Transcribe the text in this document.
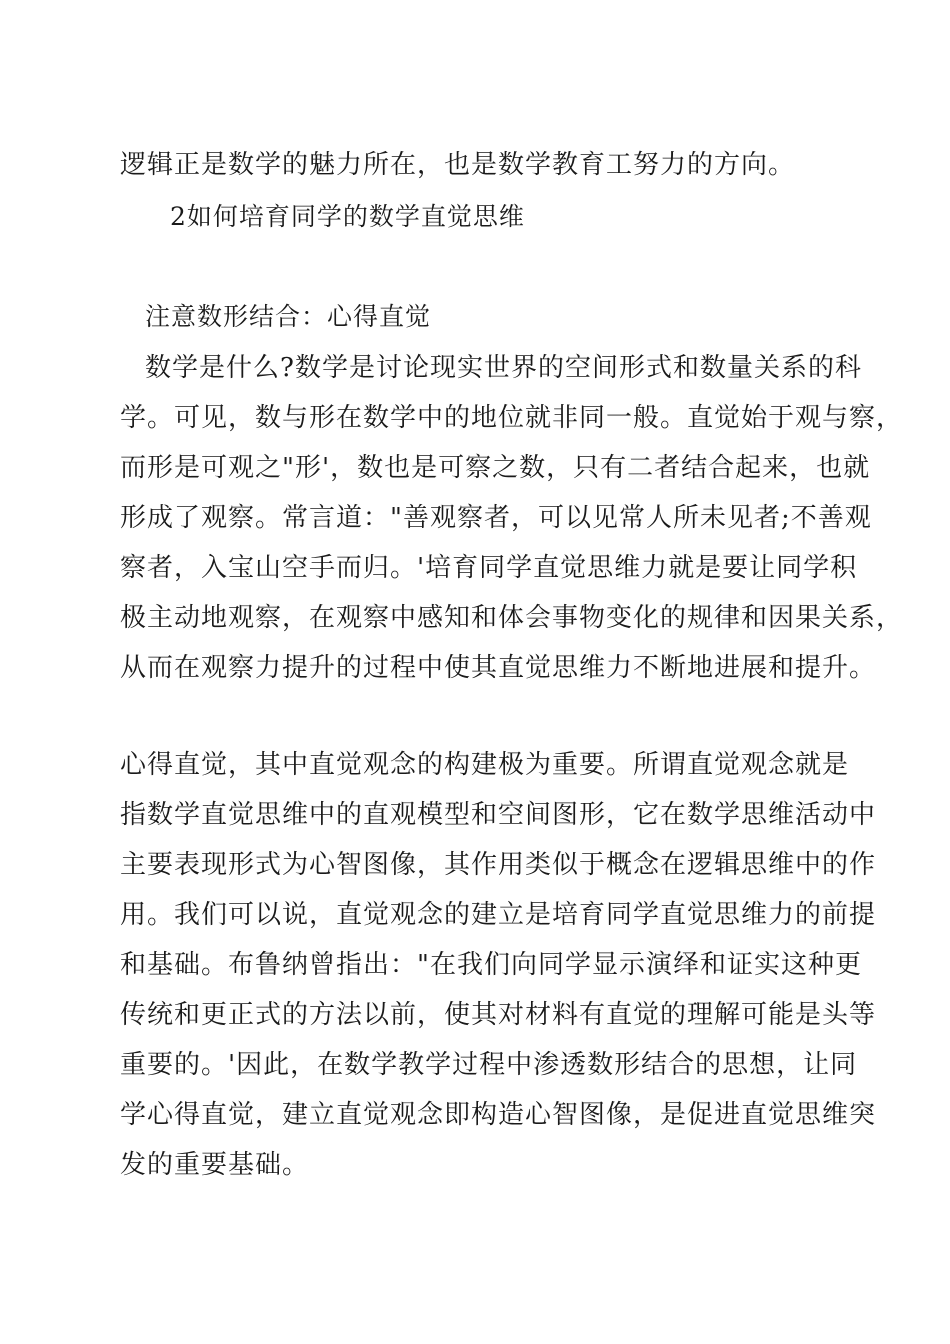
逻辑正是数学的魅力所在，也是数学教育工努力的方向。
2如何培育同学的数学直觉思维
注意数形结合：心得直觉
数学是什么?数学是讨论现实世界的空间形式和数量关系的科
学。可见，数与形在数学中的地位就非同一般。直觉始于观与察，
而形是可观之"形'，数也是可察之数，只有二者结合起来，也就
形成了观察。常言道："善观察者，可以见常人所未见者;不善观
察者，入宝山空手而归。'培育同学直觉思维力就是要让同学积
极主动地观察，在观察中感知和体会事物变化的规律和因果关系，
从而在观察力提升的过程中使其直觉思维力不断地进展和提升。
心得直觉，其中直觉观念的构建极为重要。所谓直觉观念就是
指数学直觉思维中的直观模型和空间图形，它在数学思维活动中
主要表现形式为心智图像，其作用类似于概念在逻辑思维中的作
用。我们可以说，直觉观念的建立是培育同学直觉思维力的前提
和基础。布鲁纳曾指出："在我们向同学显示演绎和证实这种更
传统和更正式的方法以前，使其对材料有直觉的理解可能是头等
重要的。'因此，在数学教学过程中渗透数形结合的思想，让同
学心得直觉，建立直觉观念即构造心智图像，是促进直觉思维突
发的重要基础。
